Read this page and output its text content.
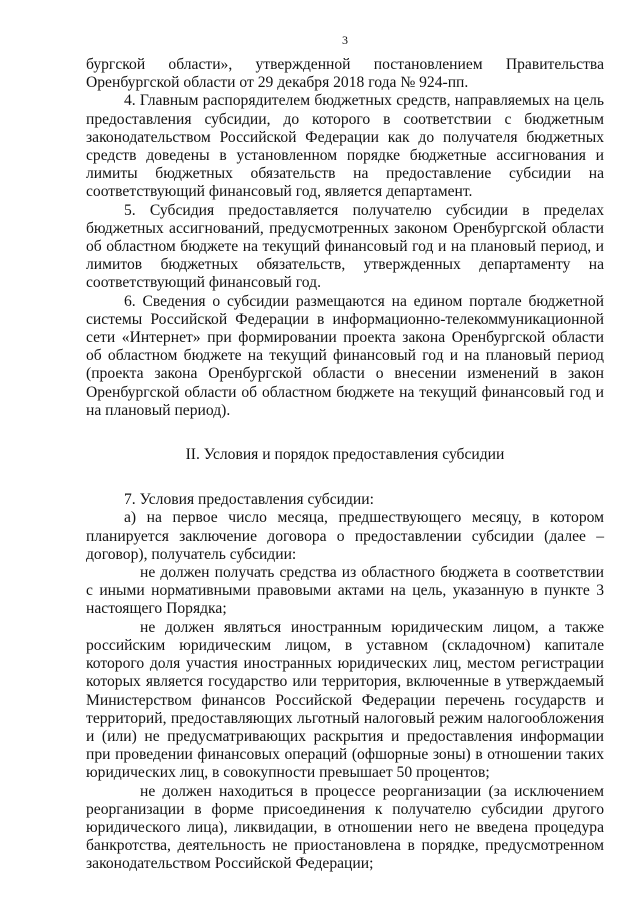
3

бургской области», утвержденной постановлением Правительства Оренбургской области от 29 декабря 2018 года № 924-пп.

4. Главным распорядителем бюджетных средств, направляемых на цель предоставления субсидии, до которого в соответствии с бюджетным законодательством Российской Федерации как до получателя бюджетных средств доведены в установленном порядке бюджетные ассигнования и лимиты бюджетных обязательств на предоставление субсидии на соответствующий финансовый год, является департамент.

5. Субсидия предоставляется получателю субсидии в пределах бюджетных ассигнований, предусмотренных законом Оренбургской области об областном бюджете на текущий финансовый год и на плановый период, и лимитов бюджетных обязательств, утвержденных департаменту на соответствующий финансовый год.

6. Сведения о субсидии размещаются на едином портале бюджетной системы Российской Федерации в информационно-телекоммуникационной сети «Интернет» при формировании проекта закона Оренбургской области об областном бюджете на текущий финансовый год и на плановый период (проекта закона Оренбургской области о внесении изменений в закон Оренбургской области об областном бюджете на текущий финансовый год и на плановый период).

II. Условия и порядок предоставления субсидии

7. Условия предоставления субсидии:

а) на первое число месяца, предшествующего месяцу, в котором планируется заключение договора о предоставлении субсидии (далее – договор), получатель субсидии:

не должен получать средства из областного бюджета в соответствии с иными нормативными правовыми актами на цель, указанную в пункте 3 настоящего Порядка;

не должен являться иностранным юридическим лицом, а также российским юридическим лицом, в уставном (складочном) капитале которого доля участия иностранных юридических лиц, местом регистрации которых является государство или территория, включенные в утверждаемый Министерством финансов Российской Федерации перечень государств и территорий, предоставляющих льготный налоговый режим налогообложения и (или) не предусматривающих раскрытия и предоставления информации при проведении финансовых операций (офшорные зоны) в отношении таких юридических лиц, в совокупности превышает 50 процентов;

не должен находиться в процессе реорганизации (за исключением реорганизации в форме присоединения к получателю субсидии другого юридического лица), ликвидации, в отношении него не введена процедура банкротства, деятельность не приостановлена в порядке, предусмотренном законодательством Российской Федерации;
